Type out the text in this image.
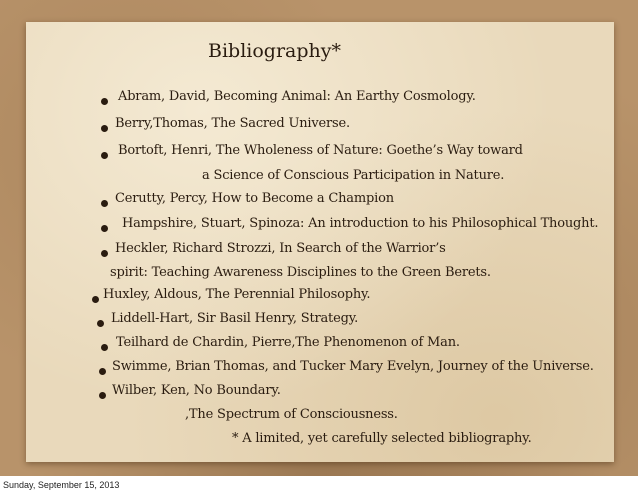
Bibliography*
Abram, David, Becoming Animal: An Earthy Cosmology.
Berry,Thomas, The Sacred Universe.
Bortoft, Henri, The Wholeness of Nature: Goethe’s Way toward
a Science of Conscious Participation in Nature.
Cerutty, Percy, How to Become a Champion
Hampshire, Stuart, Spinoza: An introduction to his Philosophical Thought.
Heckler, Richard Strozzi, In Search of the Warrior’s
spirit: Teaching Awareness Disciplines to the Green Berets.
Huxley, Aldous, The Perennial Philosophy.
Liddell-Hart, Sir Basil Henry, Strategy.
Teilhard de Chardin, Pierre,The Phenomenon of Man.
Swimme, Brian Thomas, and Tucker Mary Evelyn, Journey of the Universe.
Wilber, Ken, No Boundary.
,The Spectrum of Consciousness.
* A limited, yet carefully selected bibliography.
Sunday, September 15, 2013
